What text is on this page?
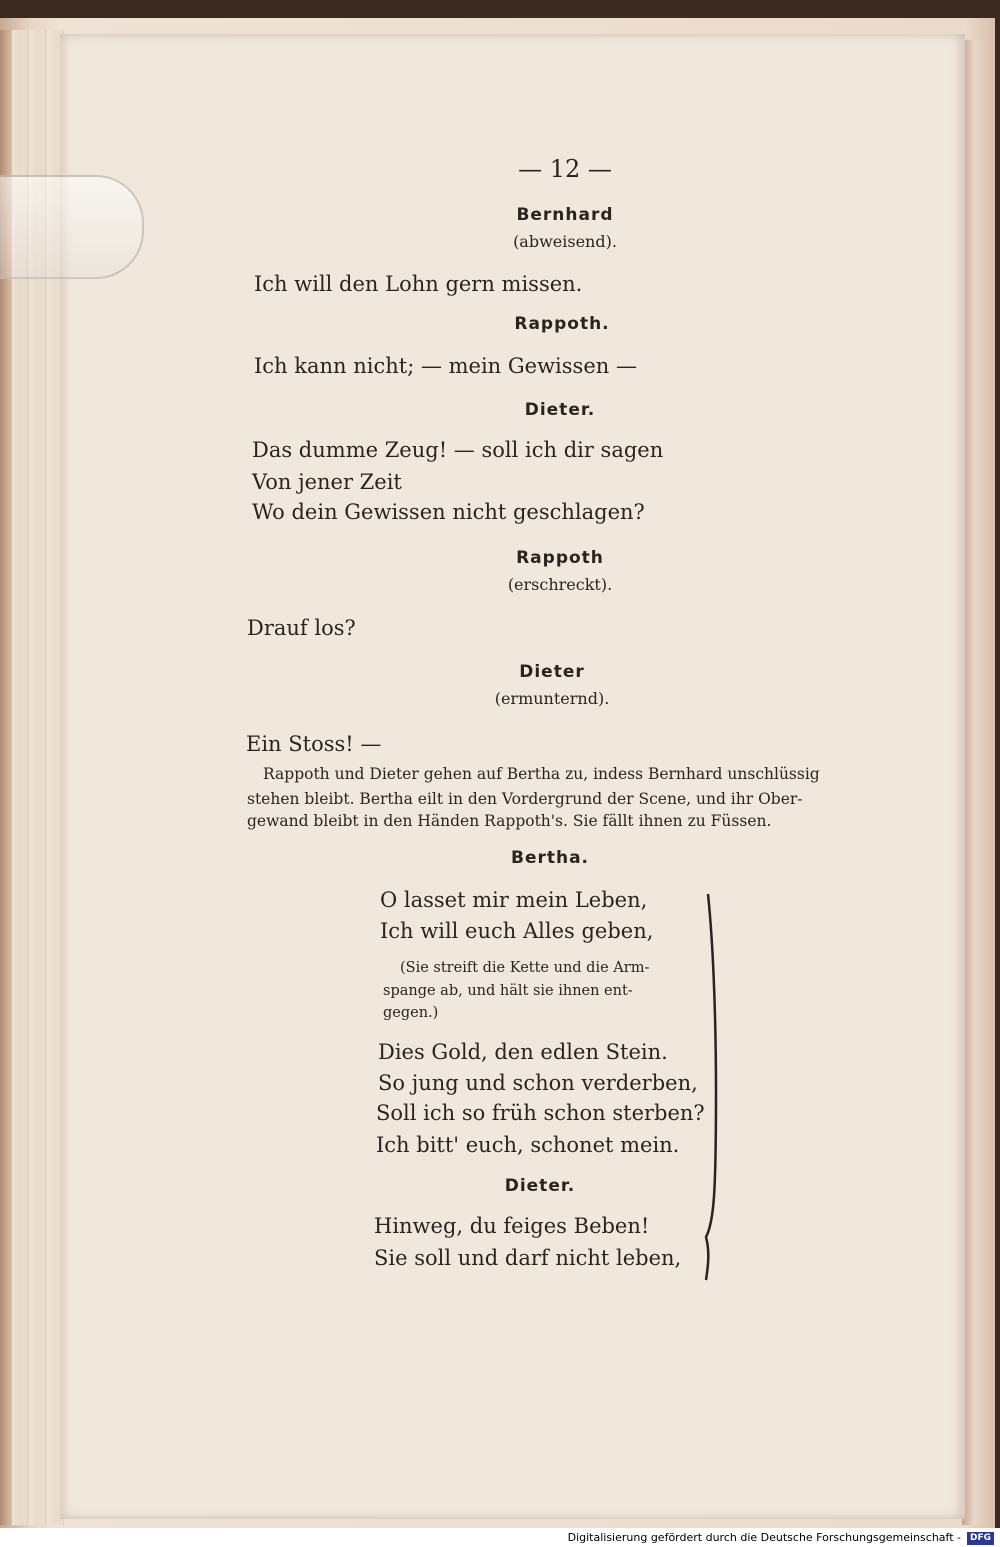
— 12 —
Bernhard
(abweisend).
Ich will den Lohn gern missen.
Rappoth.
Ich kann nicht; — mein Gewissen —
Dieter.
Das dumme Zeug! — soll ich dir sagen
Von jener Zeit
Wo dein Gewissen nicht geschlagen?
Rappoth
(erschreckt).
Drauf los?
Dieter
(ermunternd).
Ein Stoss! —
Rappoth und Dieter gehen auf Bertha zu, indess Bernhard unschlüssig
stehen bleibt. Bertha eilt in den Vordergrund der Scene, und ihr Ober-
gewand bleibt in den Händen Rappoth's. Sie fällt ihnen zu Füssen.
Bertha.
O lasset mir mein Leben,
Ich will euch Alles geben,
(Sie streift die Kette und die Arm-
spange ab, und hält sie ihnen ent-
gegen.)
Dies Gold, den edlen Stein.
So jung und schon verderben,
Soll ich so früh schon sterben?
Ich bitt' euch, schonet mein.
Dieter.
Hinweg, du feiges Beben!
Sie soll und darf nicht leben,
Digitalisierung gefördert durch die Deutsche Forschungsgemeinschaft - DFG
